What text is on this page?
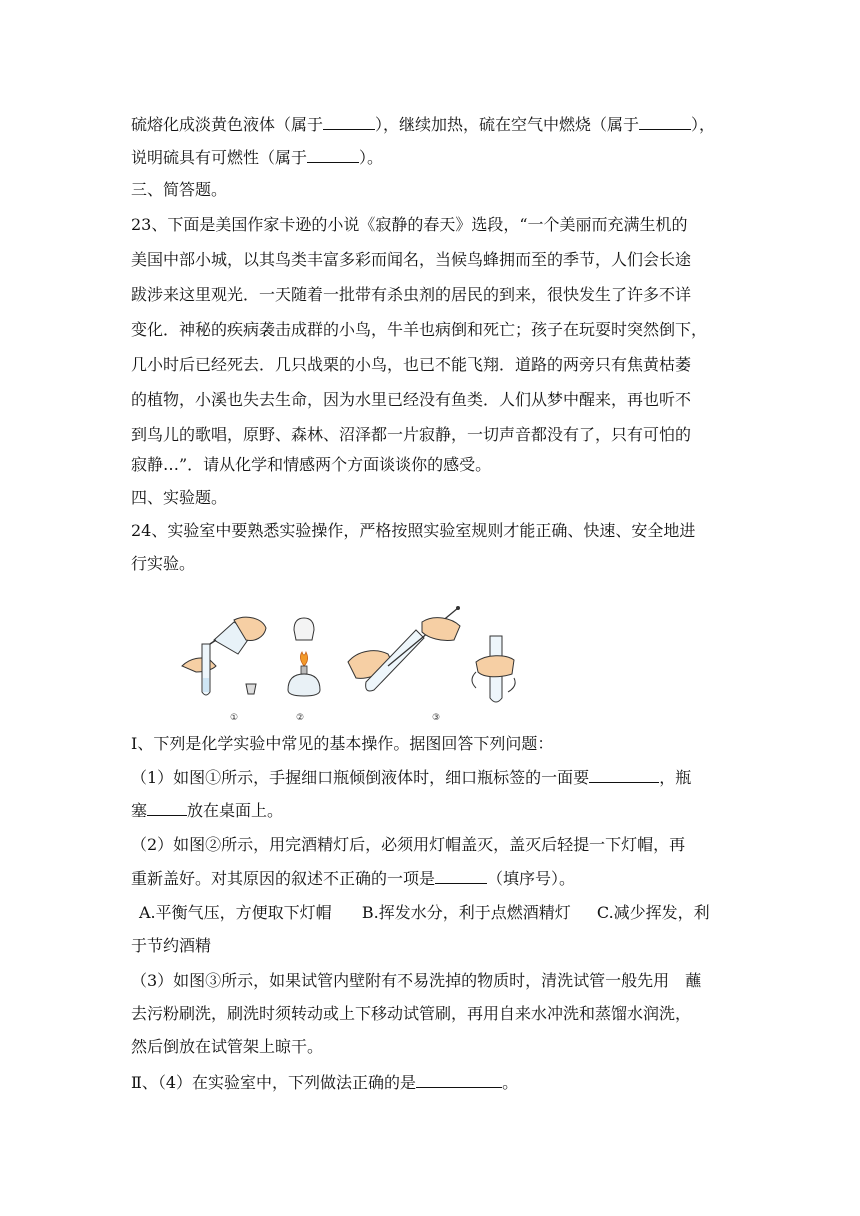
硫熔化成淡黄色液体（属于	），继续加热，硫在空气中燃烧（属于	），
说明硫具有可燃性（属于	）。
三、简答题。
23、下面是美国作家卡逊的小说《寂静的春天》选段，“一个美丽而充满生机的
美国中部小城，以其鸟类丰富多彩而闻名，当候鸟蜂拥而至的季节，人们会长途
跋涉来这里观光．一天随着一批带有杀虫剂的居民的到来，很快发生了许多不详
变化．神秘的疾病袭击成群的小鸟，牛羊也病倒和死亡；孩子在玩耍时突然倒下，
几小时后已经死去．几只战栗的小鸟，也已不能飞翔．道路的两旁只有焦黄枯萎
的植物，小溪也失去生命，因为水里已经没有鱼类．人们从梦中醒来，再也听不
到鸟儿的歌唱，原野、森林、沼泽都一片寂静，一切声音都没有了，只有可怕的
寂静…”．请从化学和情感两个方面谈谈你的感受。
四、实验题。
24、实验室中要熟悉实验操作，严格按照实验室规则才能正确、快速、安全地进
行实验。
①	②	③
Ⅰ、下列是化学实验中常见的基本操作。据图回答下列问题：
（1）如图①所示，手握细口瓶倾倒液体时，细口瓶标签的一面要	，瓶
塞	放在桌面上。
（2）如图②所示，用完酒精灯后，必须用灯帽盖灭，盖灭后轻提一下灯帽，再
重新盖好。对其原因的叙述不正确的一项是	（填序号）。
A.平衡气压，方便取下灯帽 B.挥发水分，利于点燃酒精灯 C.减少挥发，利
于节约酒精
（3）如图③所示，如果试管内壁附有不易洗掉的物质时，清洗试管一般先用　蘸
去污粉刷洗，刷洗时须转动或上下移动试管刷，再用自来水冲洗和蒸馏水润洗，
然后倒放在试管架上晾干。
Ⅱ、（4）在实验室中，下列做法正确的是	。
